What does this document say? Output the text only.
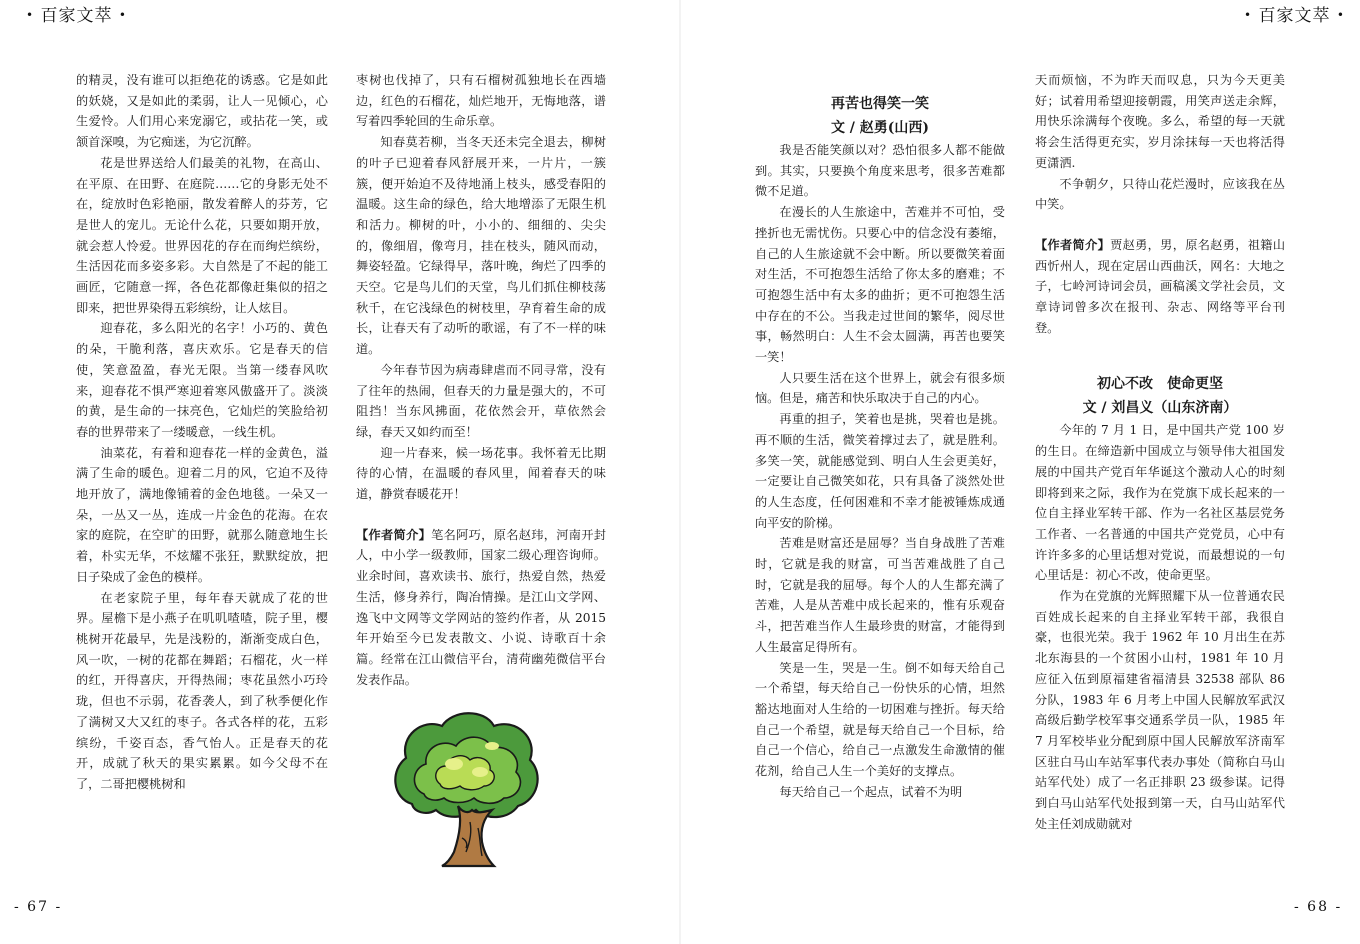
• 百家文萃 •	• 百家文萃 •

的精灵，没有谁可以拒绝花的诱惑。它是如此的妖娆，又是如此的柔弱，让人一见倾心，心生爱怜。人们用心来宠溺它，或拈花一笑，或颔首深嗅，为它痴迷，为它沉醉。

花是世界送给人们最美的礼物，在高山、在平原、在田野、在庭院……它的身影无处不在，绽放时色彩艳丽，散发着醉人的芬芳，它是世人的宠儿。无论什么花，只要如期开放，就会惹人怜爱。世界因花的存在而绚烂缤纷，生活因花而多姿多彩。大自然是了不起的能工画匠，它随意一挥，各色花都像赶集似的招之即来，把世界染得五彩缤纷，让人炫目。

迎春花，多么阳光的名字！小巧的、黄色的朵，干脆利落，喜庆欢乐。它是春天的信使，笑意盈盈，春光无限。当第一缕春风吹来，迎春花不惧严寒迎着寒风傲盛开了。淡淡的黄，是生命的一抹亮色，它灿烂的笑脸给初春的世界带来了一缕暖意，一线生机。

油菜花，有着和迎春花一样的金黄色，溢满了生命的暖色。迎着二月的风，它迫不及待地开放了，满地像铺着的金色地毯。一朵又一朵，一丛又一丛，连成一片金色的花海。在农家的庭院，在空旷的田野，就那么随意地生长着，朴实无华，不炫耀不张狂，默默绽放，把日子染成了金色的模样。

在老家院子里，每年春天就成了花的世界。屋檐下是小燕子在叽叽喳喳，院子里，樱桃树开花最早，先是浅粉的，渐渐变成白色，风一吹，一树的花都在舞蹈；石榴花，火一样的红，开得喜庆，开得热闹；枣花虽然小巧玲珑，但也不示弱，花香袭人，到了秋季便化作了满树又大又红的枣子。各式各样的花，五彩缤纷，千姿百态，香气怡人。正是春天的花开，成就了秋天的果实累累。如今父母不在了，二哥把樱桃树和

枣树也伐掉了，只有石榴树孤独地长在西墙边，红色的石榴花，灿烂地开，无悔地落，谱写着四季轮回的生命乐章。

知春莫若柳，当冬天还未完全退去，柳树的叶子已迎着春风舒展开来，一片片，一簇簇，便开始迫不及待地涌上枝头，感受春阳的温暖。这生命的绿色，给大地增添了无限生机和活力。柳树的叶，小小的、细细的、尖尖的，像细眉，像弯月，挂在枝头，随风而动，舞姿轻盈。它绿得早，落叶晚，绚烂了四季的天空。它是鸟儿们的天堂，鸟儿们抓住柳枝荡秋千，在它浅绿色的树枝里，孕育着生命的成长，让春天有了动听的歌谣，有了不一样的味道。

今年春节因为病毒肆虐而不同寻常，没有了往年的热闹，但春天的力量是强大的，不可阻挡！当东风拂面，花依然会开，草依然会绿，春天又如约而至！

迎一片春来，候一场花事。我怀着无比期待的心情，在温暖的春风里，闻着春天的味道，静赏春暖花开！

【作者简介】笔名阿巧，原名赵玮，河南开封人，中小学一级教师，国家二级心理咨询师。业余时间，喜欢读书、旅行，热爱自然，热爱生活，修身养行，陶冶情操。是江山文学网、逸飞中文网等文学网站的签约作者，从 2015 年开始至今已发表散文、小说、诗歌百十余篇。经常在江山微信平台，清荷幽苑微信平台发表作品。

- 67 -

再苦也得笑一笑

文 / 赵勇(山西)

我是否能笑颜以对？恐怕很多人都不能做到。其实，只要换个角度来思考，很多苦难都微不足道。

在漫长的人生旅途中，苦难并不可怕，受挫折也无需忧伤。只要心中的信念没有萎缩，自己的人生旅途就不会中断。所以要微笑着面对生活，不可抱怨生活给了你太多的磨难；不可抱怨生活中有太多的曲折；更不可抱怨生活中存在的不公。当我走过世间的繁华，阅尽世事，畅然明白：人生不会太圆满，再苦也要笑一笑！

人只要生活在这个世界上，就会有很多烦恼。但是，痛苦和快乐取决于自己的内心。

再重的担子，笑着也是挑，哭着也是挑。 再不顺的生活，微笑着撑过去了，就是胜利。多笑一笑，就能感觉到、明白人生会更美好，一定要让自己微笑如花，只有具备了淡然处世的人生态度，任何困难和不幸才能被锤炼成通向平安的阶梯。

苦难是财富还是屈辱？当自身战胜了苦难时，它就是我的财富，可当苦难战胜了自己时，它就是我的屈辱。每个人的人生都充满了苦难，人是从苦难中成长起来的，惟有乐观奋斗，把苦难当作人生最珍贵的财富，才能得到人生最富足得所有。

笑是一生，哭是一生。倒不如每天给自己一个希望，每天给自己一份快乐的心情，坦然豁达地面对人生给的一切困难与挫折。每天给自己一个希望，就是每天给自己一个目标，给自己一个信心，给自己一点激发生命激情的催花剂，给自己人生一个美好的支撑点。

每天给自己一个起点，试着不为明

天而烦恼，不为昨天而叹息，只为今天更美好；试着用希望迎接朝霞，用笑声送走余辉，用快乐涂满每个夜晚。多么，希望的每一天就将会生活得更充实，岁月涂抹每一天也将活得更潇洒.

不争朝夕，只待山花烂漫时，应该我在丛中笑。

【作者简介】贾赵勇，男，原名赵勇，祖籍山西忻州人，现在定居山西曲沃，网名：大地之子，七岭河诗词会员，画稿溪文学社会员，文章诗词曾多次在报刊、杂志、网络等平台刊登。

初心不改　使命更坚

文 / 刘昌义（山东济南）

今年的 7 月 1 日，是中国共产党 100 岁的生日。在缔造新中国成立与领导伟大祖国发展的中国共产党百年华诞这个激动人心的时刻即将到来之际，我作为在党旗下成长起来的一位自主择业军转干部、作为一名社区基层党务工作者、一名普通的中国共产党党员，心中有许许多多的心里话想对党说，而最想说的一句心里话是：初心不改，使命更坚。

作为在党旗的光辉照耀下从一位普通农民百姓成长起来的自主择业军转干部，我很自豪，也很光荣。我于 1962 年 10 月出生在苏北东海县的一个贫困小山村，1981 年 10 月应征入伍到原福建省福清县 32538 部队 86 分队，1983 年 6 月考上中国人民解放军武汉高级后勤学校军事交通系学员一队，1985 年 7 月军校毕业分配到原中国人民解放军济南军区驻白马山车站军事代表办事处（简称白马山站军代处）成了一名正排职 23 级参谋。记得到白马山站军代处报到第一天，白马山站军代处主任刘成勋就对

- 68 -
